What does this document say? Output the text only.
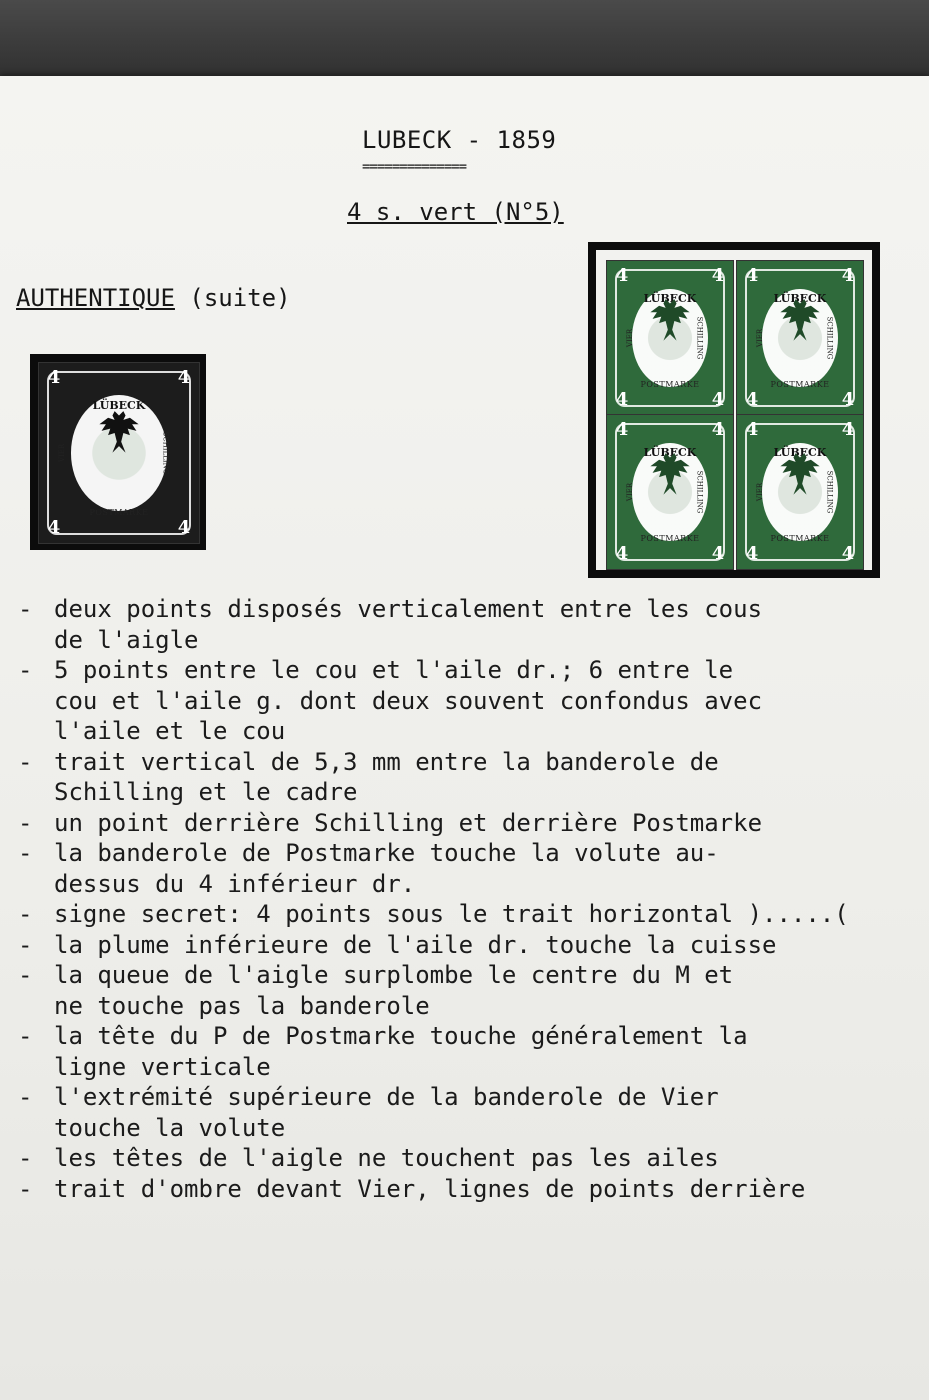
LUBECK - 1859
==============
4 s. vert (N°5)
AUTHENTIQUE (suite)
4	4
4	4
LÜBECK
VIER	SCHILLING
POSTMARKE
4	4
4	4
LÜBECK
VIER	SCHILLING
POSTMARKE
4	4
4	4
LÜBECK
VIER	SCHILLING
POSTMARKE
4	4
4	4
LÜBECK
VIER	SCHILLING
POSTMARKE
4	4
4	4
LÜBECK
VIER	SCHILLING
POSTMARKE
- deux points disposés verticalement entre les cous
de l'aigle
- 5 points entre le cou et l'aile dr.; 6 entre le
cou et l'aile g. dont deux souvent confondus avec
l'aile et le cou
- trait vertical de 5,3 mm entre la banderole de
Schilling et le cadre
- un point derrière Schilling et derrière Postmarke
- la banderole de Postmarke touche la volute au-
dessus du 4 inférieur dr.
- signe secret: 4 points sous le trait horizontal ).....(
- la plume inférieure de l'aile dr. touche la cuisse
- la queue de l'aigle surplombe le centre du M et
ne touche pas la banderole
- la tête du P de Postmarke touche généralement la
ligne verticale
- l'extrémité supérieure de la banderole de Vier
touche la volute
- les têtes de l'aigle ne touchent pas les ailes
- trait d'ombre devant Vier, lignes de points derrière
